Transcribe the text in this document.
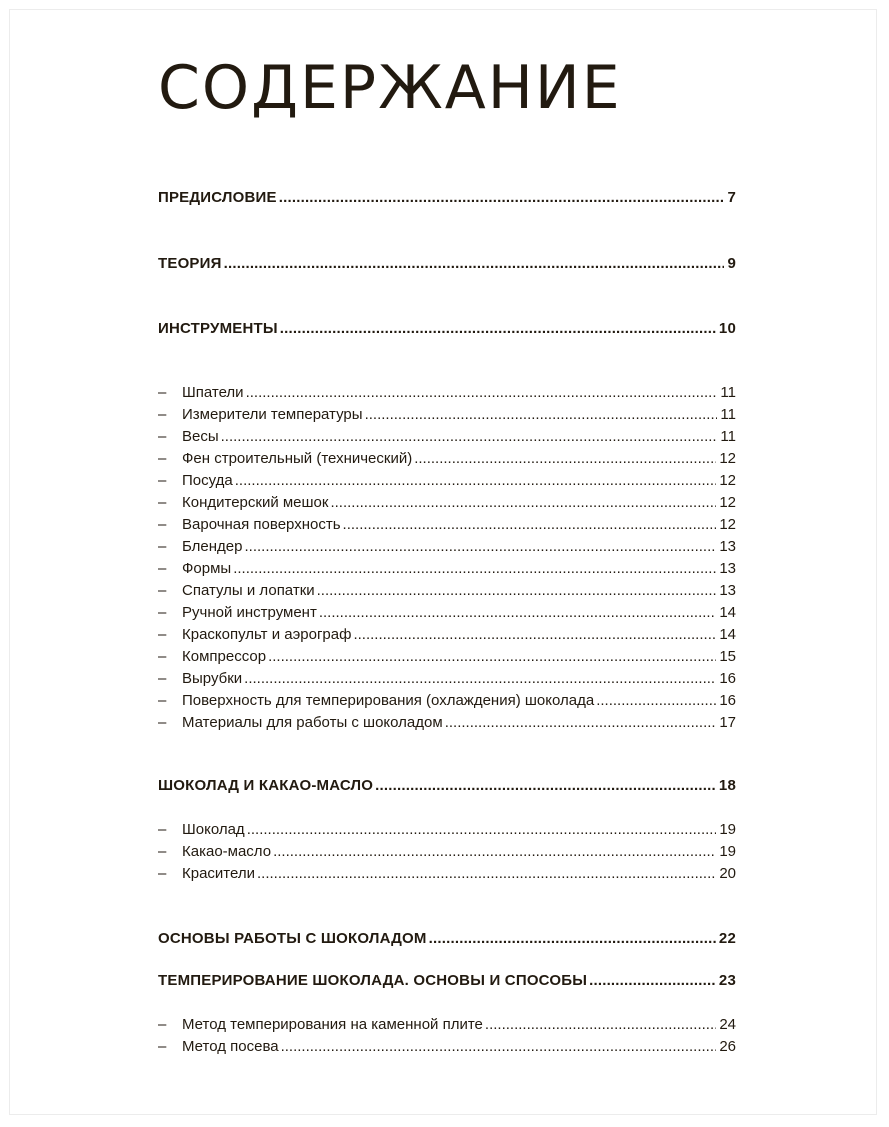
СОДЕРЖАНИЕ
ПРЕДИСЛОВИЕ .....	7
ТЕОРИЯ .....	9
ИНСТРУМЕНТЫ .....	10
– Шпатели .....	11
– Измерители температуры .....	11
– Весы .....	11
– Фен строительный (технический) .....	12
– Посуда .....	12
– Кондитерский мешок .....	12
– Варочная поверхность .....	12
– Блендер .....	13
– Формы .....	13
– Спатулы и лопатки .....	13
– Ручной инструмент .....	14
– Краскопульт и аэрограф .....	14
– Компрессор .....	15
– Вырубки .....	16
– Поверхность для темперирования (охлаждения) шоколада .....	16
– Материалы для работы с шоколадом .....	17
ШОКОЛАД И КАКАО-МАСЛО .....	18
– Шоколад .....	19
– Какао-масло .....	19
– Красители .....	20
ОСНОВЫ РАБОТЫ С ШОКОЛАДОМ .....	22
ТЕМПЕРИРОВАНИЕ ШОКОЛАДА. ОСНОВЫ И СПОСОБЫ .....	23
– Метод темперирования на каменной плите .....	24
– Метод посева .....	26
